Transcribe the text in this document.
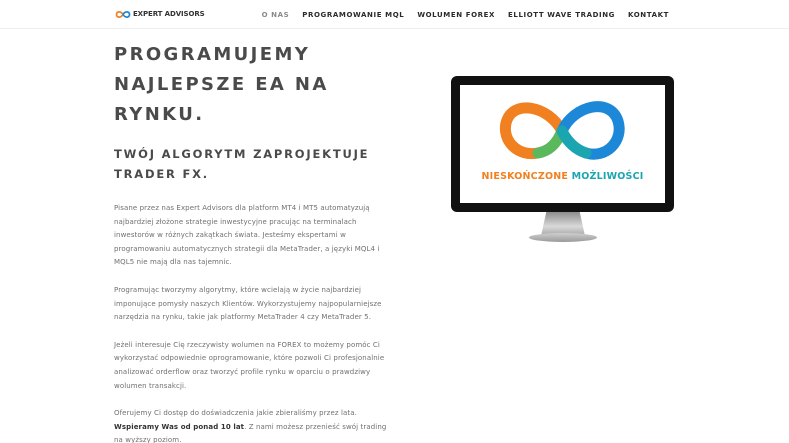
EXPERT ADVISORS	O NAS PROGRAMOWANIE MQL WOLUMEN FOREX ELLIOTT WAVE TRADING KONTAKT
PROGRAMUJEMY
NAJLEPSZE EA NA RYNKU.
TWÓJ ALGORYTM ZAPROJEKTUJE
TRADER FX.

Pisane przez nas Expert Advisors dla platform MT4 i MT5 automatyzują najbardziej złożone strategie inwestycyjne pracując na terminalach inwestorów w różnych zakątkach świata. Jesteśmy ekspertami w programowaniu automatycznych strategii dla MetaTrader, a języki MQL4 i MQL5 nie mają dla nas tajemnic.

Programując tworzymy algorytmy, które wcielają w życie najbardziej imponujące pomysły naszych Klientów. Wykorzystujemy najpopularniejsze narzędzia na rynku, takie jak platformy MetaTrader 4 czy MetaTrader 5.

Jeżeli interesuje Cię rzeczywisty wolumen na FOREX to możemy pomóc Ci wykorzystać odpowiednie oprogramowanie, które pozwoli Ci profesjonalnie analizować orderflow oraz tworzyć profile rynku w oparciu o prawdziwy wolumen transakcji.

Oferujemy Ci dostęp do doświadczenia jakie zbieraliśmy przez lata.
Wspieramy Was od ponad 10 lat. Z nami możesz przenieść swój trading na wyższy poziom.

NIESKOŃCZONE MOŻLIWOŚCI
